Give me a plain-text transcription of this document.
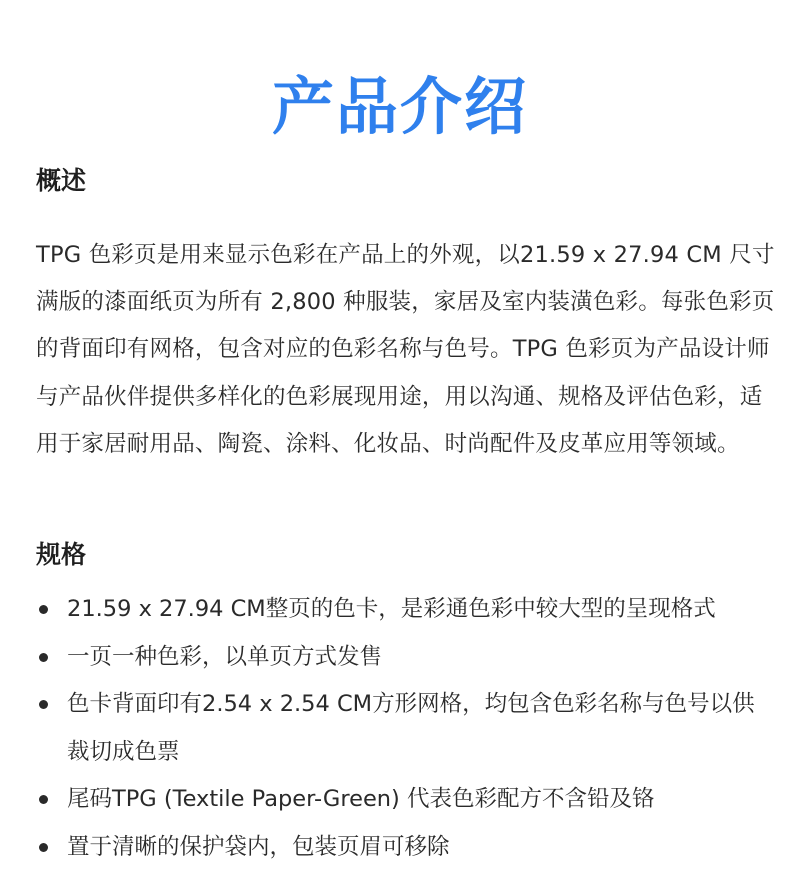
产品介绍
概述

TPG 色彩页是用来显示色彩在产品上的外观，以21.59 x 27.94 CM 尺寸满版的漆面纸页为所有 2,800 种服装，家居及室内装潢色彩。每张色彩页的背面印有网格，包含对应的色彩名称与色号。TPG 色彩页为产品设计师与产品伙伴提供多样化的色彩展现用途，用以沟通、规格及评估色彩，适用于家居耐用品、陶瓷、涂料、化妆品、时尚配件及皮革应用等领域。

规格
21.59 x 27.94 CM整页的色卡，是彩通色彩中较大型的呈现格式
一页一种色彩，以单页方式发售
色卡背面印有2.54 x 2.54 CM方形网格，均包含色彩名称与色号以供裁切成色票
尾码TPG (Textile Paper-Green) 代表色彩配方不含铅及铬
置于清晰的保护袋内，包装页眉可移除
